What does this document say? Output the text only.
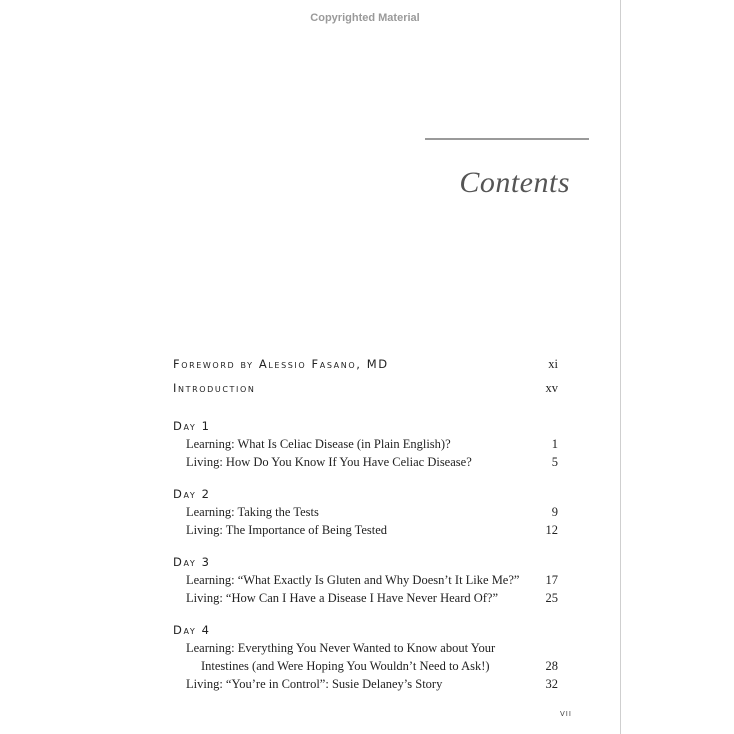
Copyrighted Material
Contents
Foreword by Alessio Fasano, MD	xi
Introduction	xv
Day 1
Learning: What Is Celiac Disease (in Plain English)?	1
Living: How Do You Know If You Have Celiac Disease?	5
Day 2
Learning: Taking the Tests	9
Living: The Importance of Being Tested	12
Day 3
Learning: “What Exactly Is Gluten and Why Doesn’t It Like Me?”	17
Living: “How Can I Have a Disease I Have Never Heard Of?”	25
Day 4
Learning: Everything You Never Wanted to Know about Your
Intestines (and Were Hoping You Wouldn’t Need to Ask!)	28
Living: “You’re in Control”: Susie Delaney’s Story	32
vii
